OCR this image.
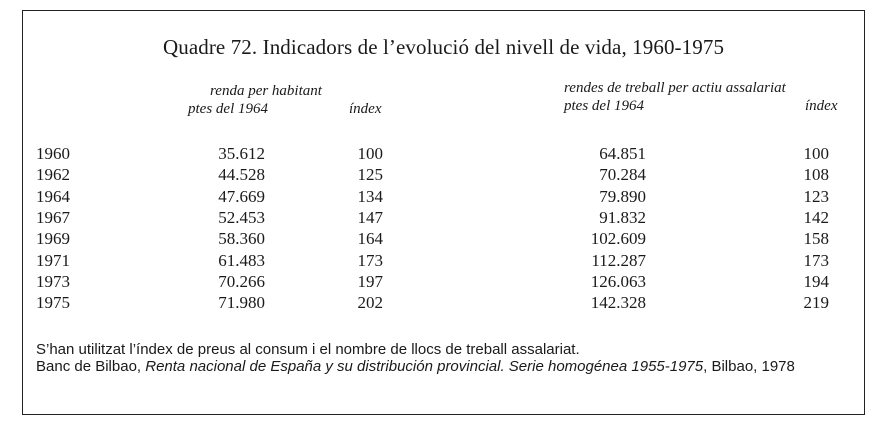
Quadre 72. Indicadors de l’evolució del nivell de vida, 1960-1975
renda per habitant
ptes del 1964	índex
rendes de treball per actiu assalariat
ptes del 1964	índex
1960	35.612	100	64.851	100
1962	44.528	125	70.284	108
1964	47.669	134	79.890	123
1967	52.453	147	91.832	142
1969	58.360	164	102.609	158
1971	61.483	173	112.287	173
1973	70.266	197	126.063	194
1975	71.980	202	142.328	219

S’han utilitzat l’índex de preus al consum i el nombre de llocs de treball assalariat.

Banc de Bilbao, Renta nacional de España y su distribución provincial. Serie homogénea 1955-1975, Bilbao, 1978
